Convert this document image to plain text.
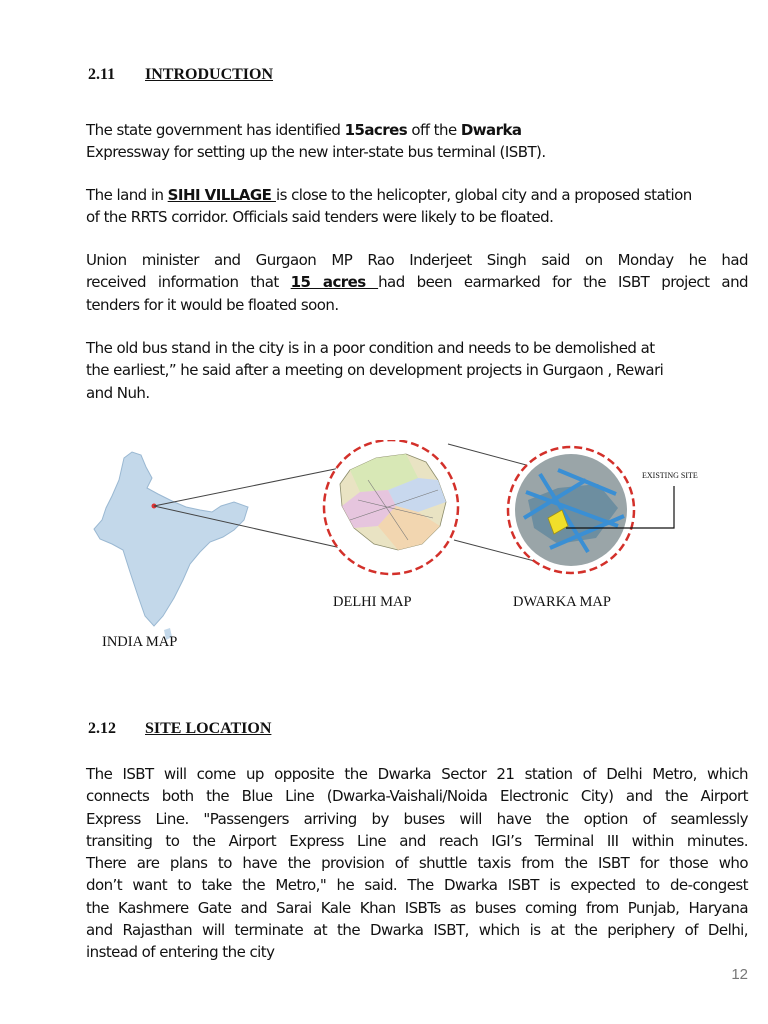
2.11 INTRODUCTION

The state government has identified 15acres off the Dwarka
Expressway for setting up the new inter-state bus terminal (ISBT).

The land in SIHI VILLAGE is close to the helicopter, global city and a proposed station
of the RRTS corridor. Officials said tenders were likely to be floated.

Union minister and Gurgaon MP Rao Inderjeet Singh said on Monday he had
received information that 15 acres had been earmarked for the ISBT project and
tenders for it would be floated soon.

The old bus stand in the city is in a poor condition and needs to be demolished at
the earliest,” he said after a meeting on development projects in Gurgaon , Rewari
and Nuh.

INDIA MAP
DELHI MAP	DWARKA MAP
EXISTING SITE
2.12 SITE LOCATION

The ISBT will come up opposite the Dwarka Sector 21 station of Delhi Metro, which
connects both the Blue Line (Dwarka-Vaishali/Noida Electronic City) and the Airport
Express Line. "Passengers arriving by buses will have the option of seamlessly
transiting to the Airport Express Line and reach IGI’s Terminal III within minutes.
There are plans to have the provision of shuttle taxis from the ISBT for those who
don’t want to take the Metro," he said. The Dwarka ISBT is expected to de-congest
the Kashmere Gate and Sarai Kale Khan ISBTs as buses coming from Punjab, Haryana
and Rajasthan will terminate at the Dwarka ISBT, which is at the periphery of Delhi,
instead of entering the city

12
